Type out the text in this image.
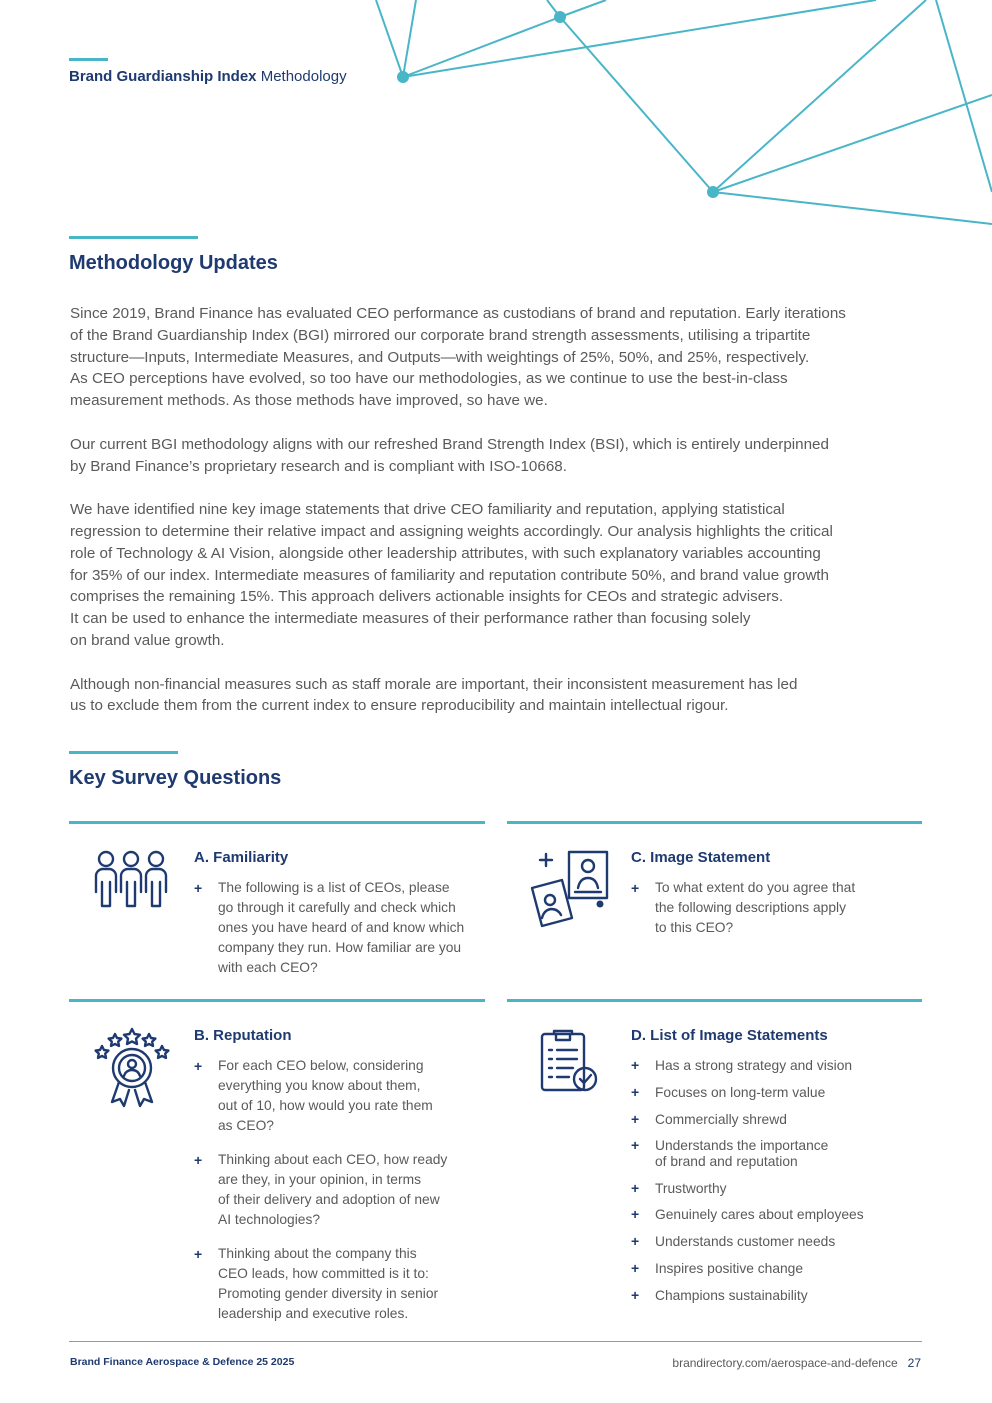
Brand Guardianship Index Methodology
Methodology Updates

Since 2019, Brand Finance has evaluated CEO performance as custodians of brand and reputation. Early iterations
of the Brand Guardianship Index (BGI) mirrored our corporate brand strength assessments, utilising a tripartite
structure—Inputs, Intermediate Measures, and Outputs—with weightings of 25%, 50%, and 25%, respectively.
As CEO perceptions have evolved, so too have our methodologies, as we continue to use the best-in-class
measurement methods. As those methods have improved, so have we.

Our current BGI methodology aligns with our refreshed Brand Strength Index (BSI), which is entirely underpinned
by Brand Finance’s proprietary research and is compliant with ISO-10668.

We have identified nine key image statements that drive CEO familiarity and reputation, applying statistical
regression to determine their relative impact and assigning weights accordingly. Our analysis highlights the critical
role of Technology & AI Vision, alongside other leadership attributes, with such explanatory variables accounting
for 35% of our index. Intermediate measures of familiarity and reputation contribute 50%, and brand value growth
comprises the remaining 15%. This approach delivers actionable insights for CEOs and strategic advisers.
It can be used to enhance the intermediate measures of their performance rather than focusing solely
on brand value growth.

Although non-financial measures such as staff morale are important, their inconsistent measurement has led
us to exclude them from the current index to ensure reproducibility and maintain intellectual rigour.

Key Survey Questions
A. Familiarity
+ The following is a list of CEOs, please
go through it carefully and check which
ones you have heard of and know which
company they run. How familiar are you
with each CEO?
C. Image Statement
+ To what extent do you agree that
the following descriptions apply
to this CEO?
B. Reputation
+ For each CEO below, considering
everything you know about them,
out of 10, how would you rate them
as CEO?
+ Thinking about each CEO, how ready
are they, in your opinion, in terms
of their delivery and adoption of new
AI technologies?
+ Thinking about the company this
CEO leads, how committed is it to:
Promoting gender diversity in senior
leadership and executive roles.
D. List of Image Statements
+ Has a strong strategy and vision
+ Focuses on long-term value
+ Commercially shrewd
+ Understands the importance
of brand and reputation
+ Trustworthy
+ Genuinely cares about employees
+ Understands customer needs
+ Inspires positive change
+ Champions sustainability
Brand Finance Aerospace & Defence 25 2025	brandirectory.com/aerospace-and-defence 27
